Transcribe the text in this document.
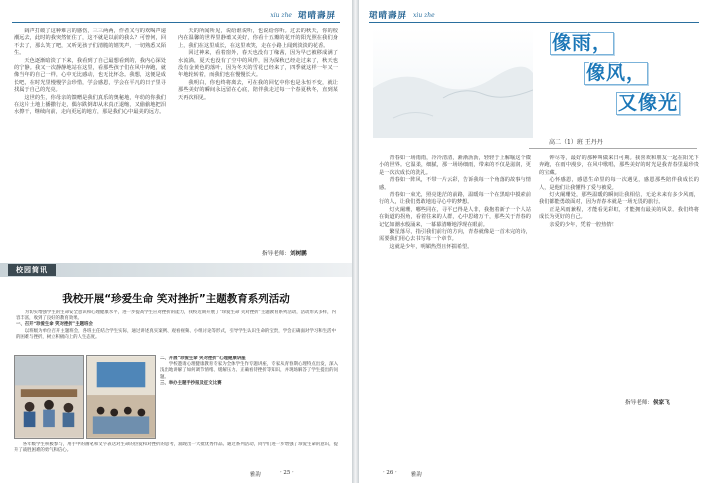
xiu zhe 珺晴壽屏

阔声打破了这种难言的感伤，三三两两，作者又与的欢喝声递潮远去，此时的我突然怔住了，这不就是以前的我么？可曾何，回不去了，那么笑了吧，又听见孩子们清脆的嬉笑声，一切熟悉又陌生。

天色逐渐暗淡了下来，我看到了自己最想看到的，我内心深处的宁静。我又一次静静地站在这里，看那些孩子们在风中奔跑，就像当年的自己一样，心中无比感动，也无比怀念。我想，这便是成长吧，在时光里慢慢学会珍惜，学会感恩，学会在平凡的日子里寻找属于自己的光亮。

这世的生，你母亲的馈赠是我们真乐的奥秘地，年幼的你我们在这片土地上播撒行走，偶尔跌倒却从未真正退缩，又偷偷地把泪水擦干，继续向前，走向更远的地方，那是我们心中最美的远方。

天的所闻所见，说给谁说听，也说给你听。过去的秋天，你的校内在温馨的世界里静谧又美好，你看十五瓣的花开的阳光照在我们身上，我们在这里成长，在这里欢笑，走在小路上闻到淡淡的花香。

回过神来，看着窗外，春天也没有丁缘茜，因为早已被移成满了水流淌，夏天也没有了空中的风伴，因为深秋已经走过来了，秋天也没有金黄色的落叶，因为冬天的雪花已经来了，四季就这样一年又一年地轮转着，而我们也在慢慢长大。

我明白，你也终将离去，可在我的回忆中你也是永恒不变，就让那些美好的瞬间永远留在心底，陪伴我走过每一个春夏秋冬，直到某天再次相见。

指导老师：刘树鹏
校园简讯
我校开展“珍爱生命 笑对挫折”主题教育系列活动

为切实增强学生的生命安全意识和心理健康水平，进一步提高学生应对挫折的能力，我校近期开展了“珍爱生命 笑对挫折”主题教育系列活动，活动形式多样，内容丰富，收到了良好的教育效果。

一、召开“珍爱生命 笑对挫折”主题班会

以班级为单位召开主题班会，各班主任结合学生实际，通过讲述真实案例、观看视频、小组讨论等形式，引导学生认识生命的宝贵，学会正确面对学习和生活中的困难与挫折，树立积极向上的人生态度。

二、开展“珍爱生命 笑对挫折”心理健康讲座

学校邀请心理健康教育专家为全体学生作专题讲座，专家从青春期心理特点出发，深入浅出地讲解了如何调节情绪、缓解压力、正确看待挫折等知识，并现场解答了学生提出的问题。

三、举办主题手抄报及征文比赛

各年级学生积极参与，用手中的画笔和文字表达对生命的热爱和对挫折的思考，涌现出一大批优秀作品。通过系列活动，同学们进一步增强了珍爱生命的意识，提升了战胜困难的勇气和信心。

雅韵	· 25 ·
珺晴壽屏 xiu zhe
像雨，
像风，
又像光
高二（1）班 王丹丹

青春如一场雨雨，冷冷清清，淅淅沥沥，轻轻于上解喻这个微小的世界。它温柔，细腻，那一场场细雨，带来的不仅是滋润，更是一次次成长的洗礼。

青春如一阵风，不带一片云彩，告诉我每一个角落的故事与情感。

青春如一束光，照亮迷茫的前路，温暖每一个在黑暗中摸索前行的人，让我们勇敢地追寻心中的梦想。

灯火阑珊，哪些同在，寻平已得是人非，我抱着新子一个人站在街道的拐角，看着往来的人群，心中思绪万千，那些关于青春的记忆如潮水般涌来，一幕幕清晰地浮现在眼前。

繁星落尽，指引我们前行的方向，青春就像是一首未完的诗，需要我们用心去书写每一个章节。

这就是少年，明媚热烈且怀揣希望。

钟尽等，最好的那种叫做来日可期。我喜欢和朋友一起在阳光下奔跑，在雨中漫步，在风中歌唱，那些美好的时光是我青春里最珍贵的宝藏。

心怀感恩，感恩生命里的每一次遇见，感恩那些陪伴我成长的人，是他们让我懂得了爱与被爱。

灯火阑珊处，那些温暖的瞬间让我相信，无论未来有多少风雨，我们都能勇敢面对，因为青春本就是一场无畏的旅行。

正是风雨兼程，才能看见彩虹，才能拥有最美的风景。我们终将成长为更好的自己。

亲爱的少年，凭着一腔热情！

指导老师：侯家飞
· 26 ·	雅韵
